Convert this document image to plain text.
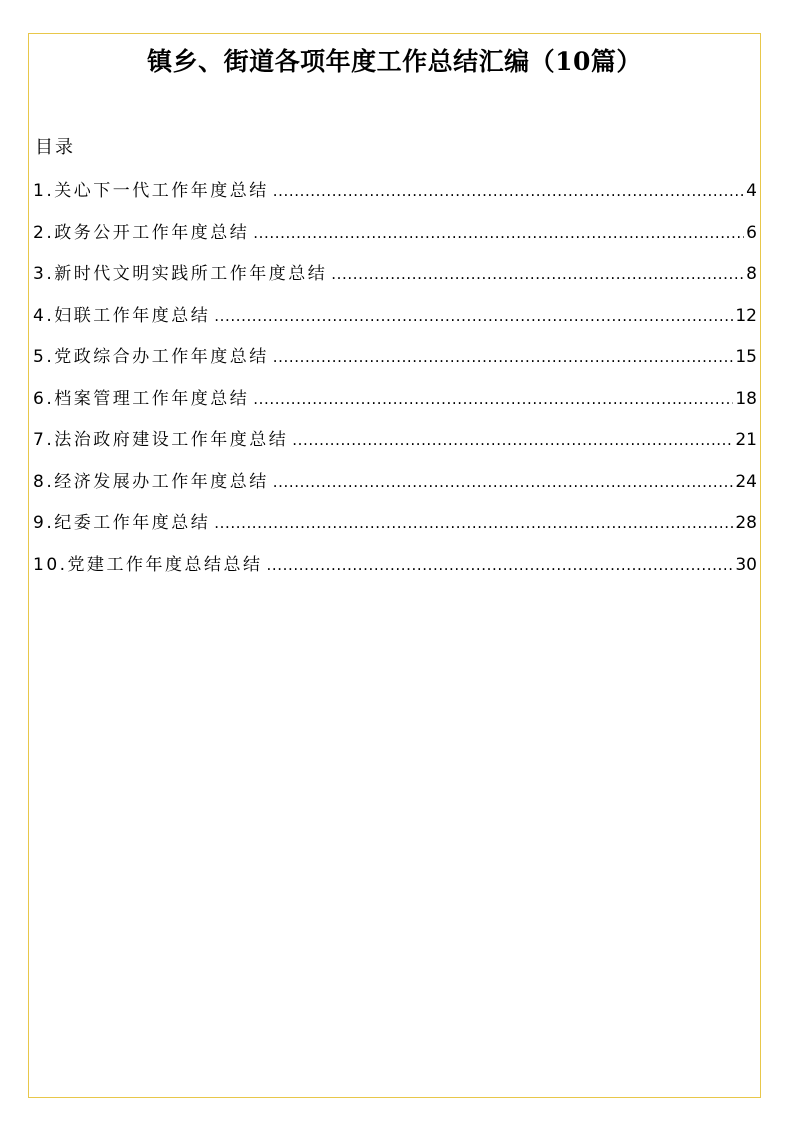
镇乡、街道各项年度工作总结汇编（10篇）
目录
1.关心下一代工作年度总结 .....	4
2.政务公开工作年度总结 .....	6
3.新时代文明实践所工作年度总结 .....	8
4.妇联工作年度总结 .....	12
5.党政综合办工作年度总结 .....	15
6.档案管理工作年度总结 .....	18
7.法治政府建设工作年度总结 .....	21
8.经济发展办工作年度总结 .....	24
9.纪委工作年度总结 .....	28
10.党建工作年度总结总结 .....	30
